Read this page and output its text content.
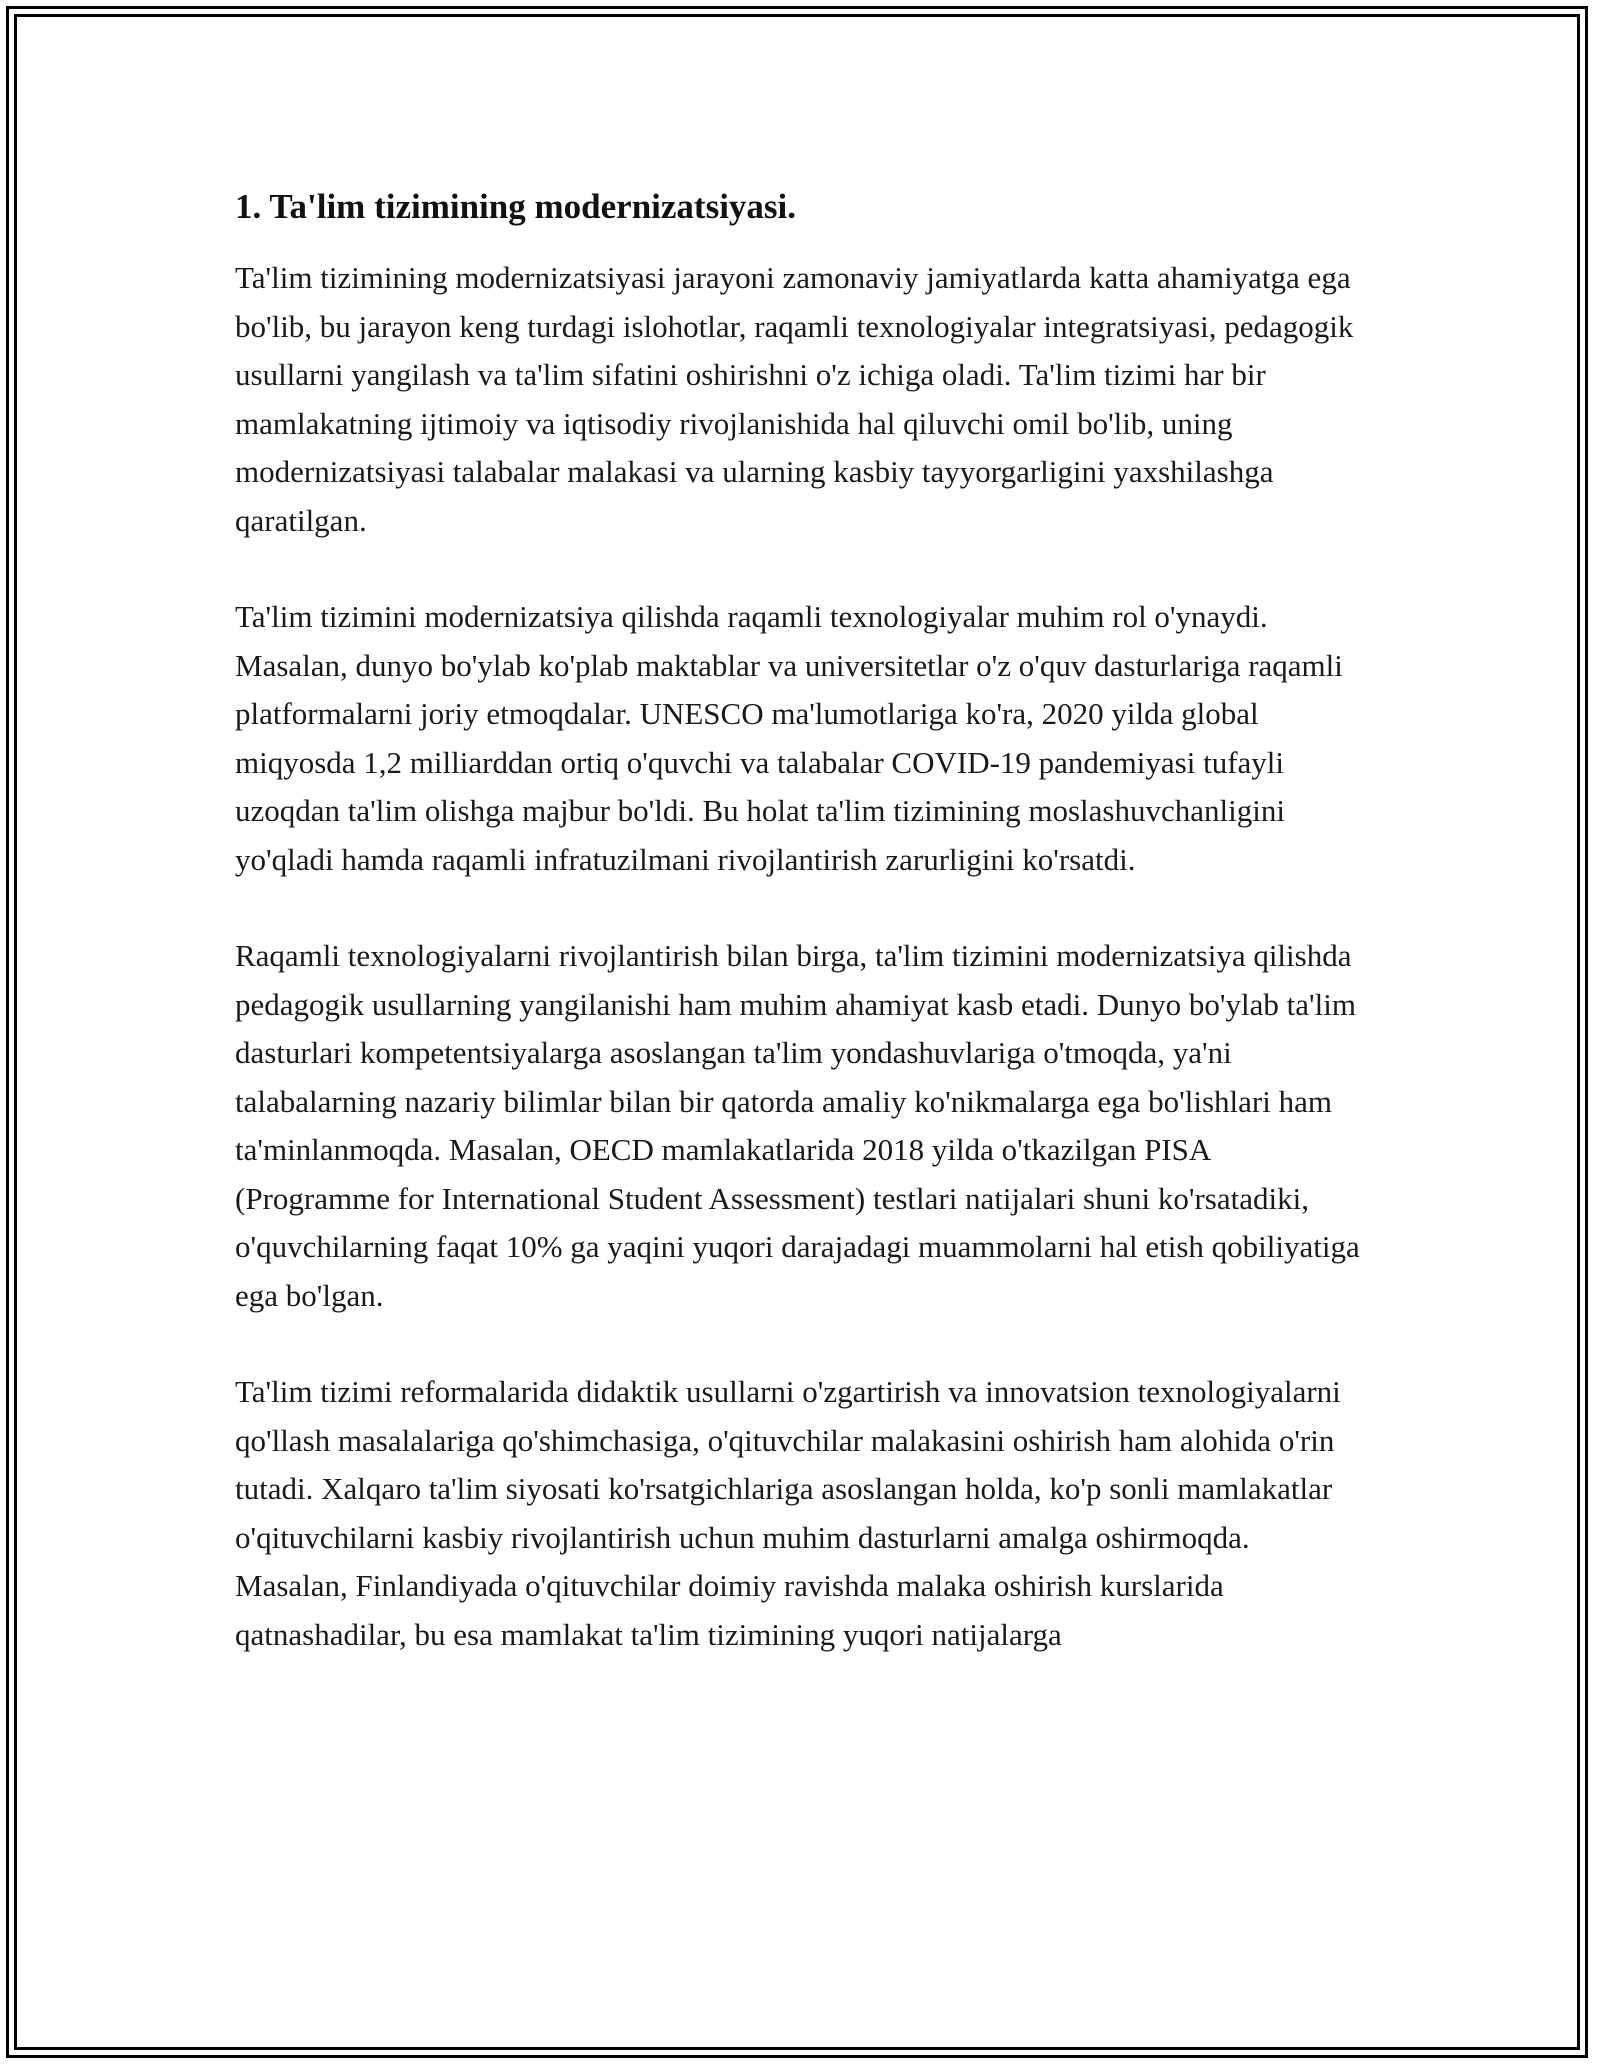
1. Ta'lim tizimining modernizatsiyasi.

Ta'lim tizimining modernizatsiyasi jarayoni zamonaviy jamiyatlarda katta ahamiyatga ega bo'lib, bu jarayon keng turdagi islohotlar, raqamli texnologiyalar integratsiyasi, pedagogik usullarni yangilash va ta'lim sifatini oshirishni o'z ichiga oladi. Ta'lim tizimi har bir mamlakatning ijtimoiy va iqtisodiy rivojlanishida hal qiluvchi omil bo'lib, uning modernizatsiyasi talabalar malakasi va ularning kasbiy tayyorgarligini yaxshilashga qaratilgan.

Ta'lim tizimini modernizatsiya qilishda raqamli texnologiyalar muhim rol o'ynaydi. Masalan, dunyo bo'ylab ko'plab maktablar va universitetlar o'z o'quv dasturlariga raqamli platformalarni joriy etmoqdalar. UNESCO ma'lumotlariga ko'ra, 2020 yilda global miqyosda 1,2 milliarddan ortiq o'quvchi va talabalar COVID-19 pandemiyasi tufayli uzoqdan ta'lim olishga majbur bo'ldi. Bu holat ta'lim tizimining moslashuvchanligini yo'qladi hamda raqamli infratuzilmani rivojlantirish zarurligini ko'rsatdi.

Raqamli texnologiyalarni rivojlantirish bilan birga, ta'lim tizimini modernizatsiya qilishda pedagogik usullarning yangilanishi ham muhim ahamiyat kasb etadi. Dunyo bo'ylab ta'lim dasturlari kompetentsiyalarga asoslangan ta'lim yondashuvlariga o'tmoqda, ya'ni talabalarning nazariy bilimlar bilan bir qatorda amaliy ko'nikmalarga ega bo'lishlari ham ta'minlanmoqda. Masalan, OECD mamlakatlarida 2018 yilda o'tkazilgan PISA (Programme for International Student Assessment) testlari natijalari shuni ko'rsatadiki, o'quvchilarning faqat 10% ga yaqini yuqori darajadagi muammolarni hal etish qobiliyatiga ega bo'lgan.

Ta'lim tizimi reformalarida didaktik usullarni o'zgartirish va innovatsion texnologiyalarni qo'llash masalalariga qo'shimchasiga, o'qituvchilar malakasini oshirish ham alohida o'rin tutadi. Xalqaro ta'lim siyosati ko'rsatgichlariga asoslangan holda, ko'p sonli mamlakatlar o'qituvchilarni kasbiy rivojlantirish uchun muhim dasturlarni amalga oshirmoqda. Masalan, Finlandiyada o'qituvchilar doimiy ravishda malaka oshirish kurslarida qatnashadilar, bu esa mamlakat ta'lim tizimining yuqori natijalarga
